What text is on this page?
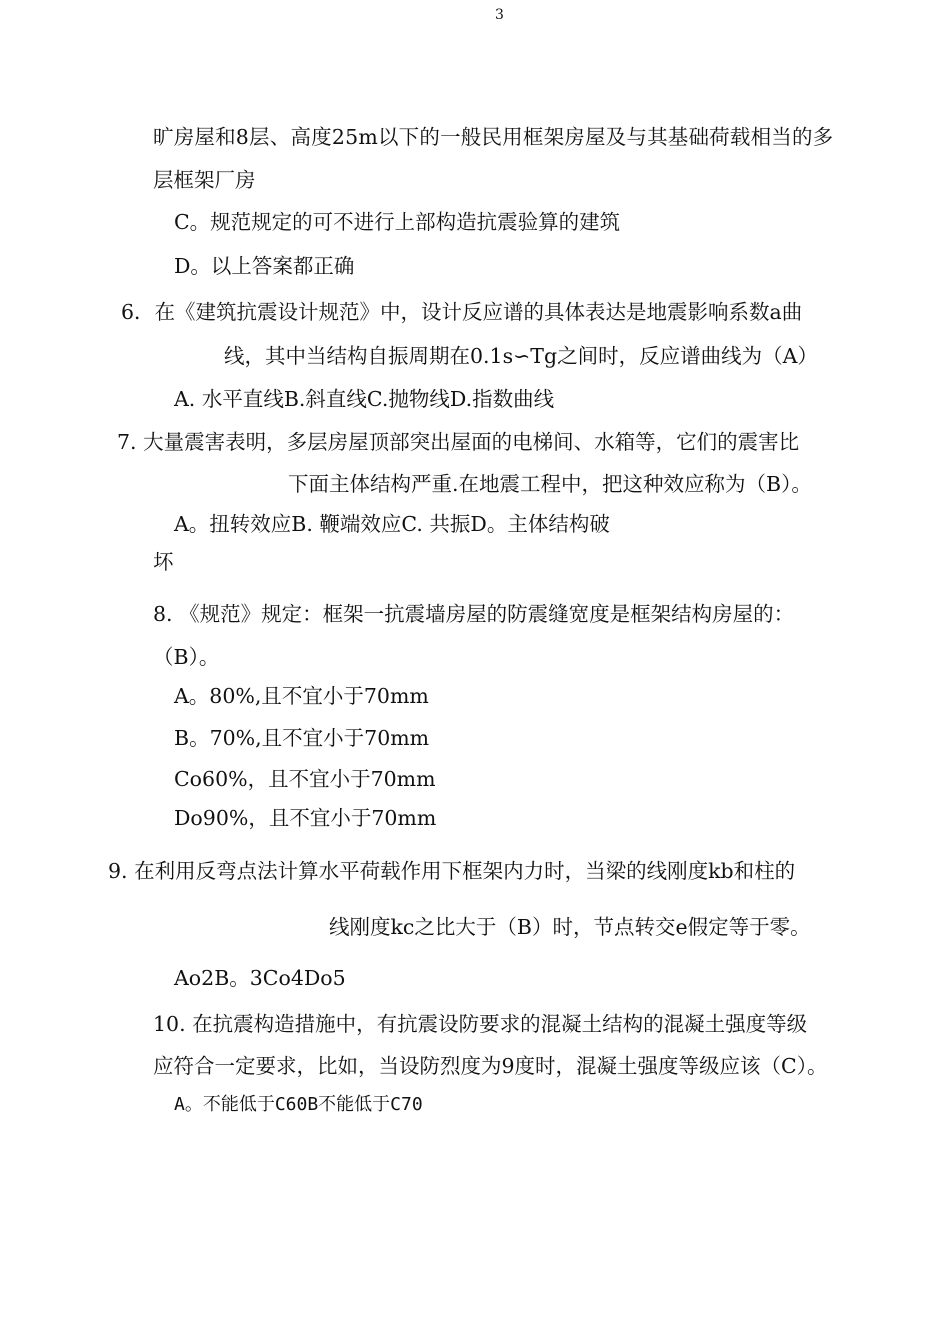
3
旷房屋和8层、高度25m以下的一般民用框架房屋及与其基础荷载相当的多
层框架厂房
C。规范规定的可不进行上部构造抗震验算的建筑
D。以上答案都正确
6．在《建筑抗震设计规范》中，设计反应谱的具体表达是地震影响系数a曲
线，其中当结构自振周期在0.1s∽Tg之间时，反应谱曲线为（A）
A. 水平直线B.斜直线C.抛物线D.指数曲线
7. 大量震害表明，多层房屋顶部突出屋面的电梯间、水箱等，它们的震害比
下面主体结构严重.在地震工程中，把这种效应称为（B）。
A。扭转效应B. 鞭端效应C. 共振D。主体结构破
坏
8. 《规范》规定：框架一抗震墙房屋的防震缝宽度是框架结构房屋的：
（B）。
A。80%,且不宜小于70mm
B。70%,且不宜小于70mm
Co60%，且不宜小于70mm
Do90%，且不宜小于70mm
9. 在利用反弯点法计算水平荷载作用下框架内力时，当梁的线刚度kb和柱的
线刚度kc之比大于（B）时，节点转交e假定等于零。
Ao2B。3Co4Do5
10. 在抗震构造措施中，有抗震设防要求的混凝土结构的混凝土强度等级
应符合一定要求，比如，当设防烈度为9度时，混凝土强度等级应该（C）。
A。不能低于C60B不能低于C70
